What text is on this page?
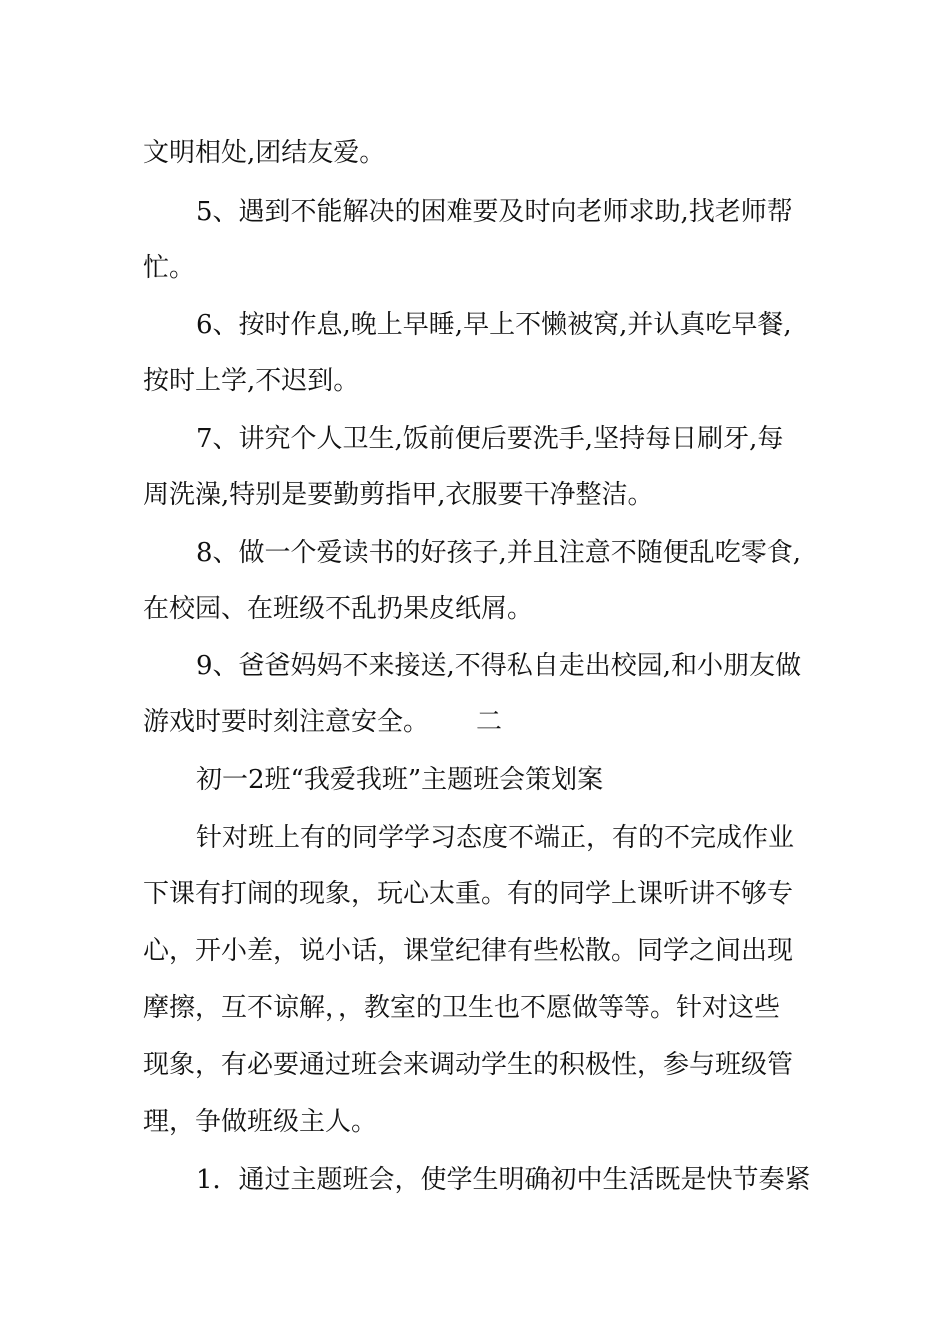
文明相处,团结友爱。
5、遇到不能解决的困难要及时向老师求助,找老师帮
忙。
6、按时作息,晚上早睡,早上不懒被窝,并认真吃早餐,
按时上学,不迟到。
7、讲究个人卫生,饭前便后要洗手,坚持每日刷牙,每
周洗澡,特别是要勤剪指甲,衣服要干净整洁。
8、做一个爱读书的好孩子,并且注意不随便乱吃零食,
在校园、在班级不乱扔果皮纸屑。
9、爸爸妈妈不来接送,不得私自走出校园,和小朋友做
游戏时要时刻注意安全。 二
初一2班“我爱我班”主题班会策划案
针对班上有的同学学习态度不端正，有的不完成作业
下课有打闹的现象，玩心太重。有的同学上课听讲不够专
心，开小差，说小话，课堂纪律有些松散。同学之间出现
摩擦，互不谅解，，教室的卫生也不愿做等等。针对这些
现象，有必要通过班会来调动学生的积极性，参与班级管
理，争做班级主人。
1．通过主题班会，使学生明确初中生活既是快节奏紧
